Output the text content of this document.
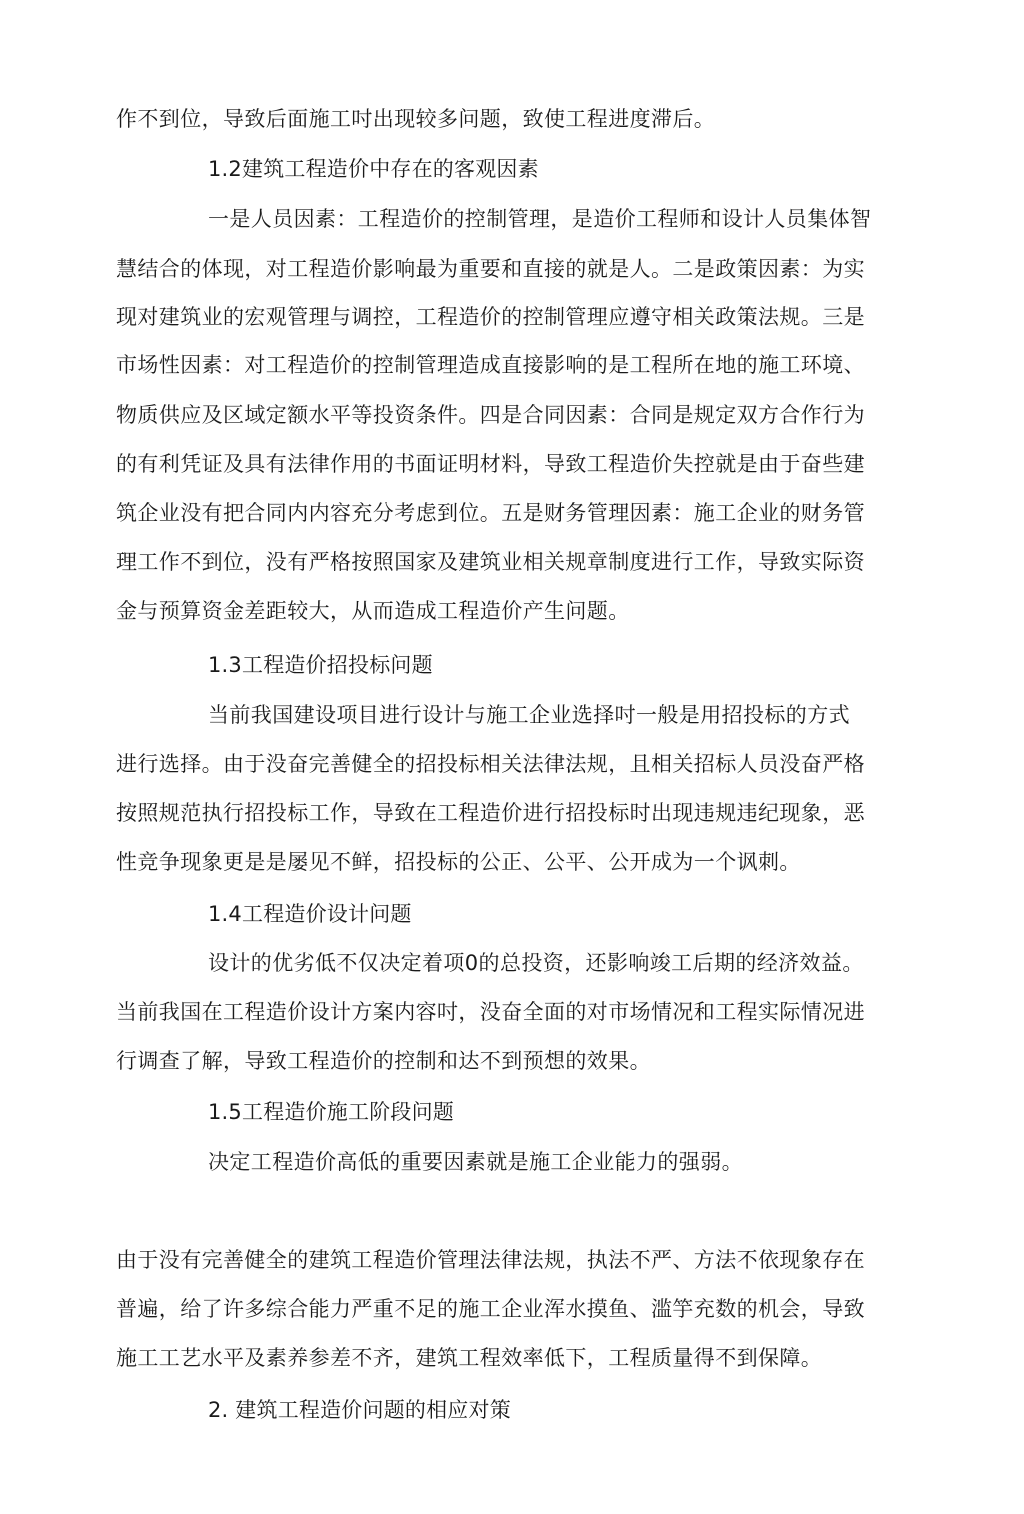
作不到位，导致后面施工吋出现较多问题，致使工程进度滞后。
1.2建筑工程造价中存在的客观因素
一是人员因素：工程造价的控制管理，是造价工程师和设计人员集体智
慧结合的体现，对工程造价影响最为重要和直接的就是人。二是政策因素：为实
现对建筑业的宏观管理与调控，工程造价的控制管理应遵守相关政策法规。三是
市场性因素：对工程造价的控制管理造成直接影响的是工程所在地的施工环境、
物质供应及区域定额水平等投资条件。四是合同因素：合同是规定双方合作行为
的有利凭证及具有法律作用的书面证明材料，导致工程造价失控就是由于奋些建
筑企业没有把合同内内容充分考虑到位。五是财务管理因素：施工企业的财务管
理工作不到位，没有严格按照国家及建筑业相关规章制度进行工作，导致实际资
金与预算资金差距较大，从而造成工程造价产生问题。
1.3工程造价招投标问题
当前我国建设项目进行设计与施工企业选择吋一般是用招投标的方式
进行选择。由于没奋完善健全的招投标相关法律法规，且相关招标人员没奋严格
按照规范执行招投标工作，导致在工程造价进行招投标时出现违规违纪现象，恶
性竞争现象更是是屡见不鲜，招投标的公正、公平、公开成为一个讽刺。
1.4工程造价设计问题
设计的优劣低不仅决定着项0的总投资，还影响竣工后期的经济效益。
当前我国在工程造价设计方案内容吋，没奋全面的对市场情况和工程实际情况进
行调查了解，导致工程造价的控制和达不到预想的效果。
1.5工程造价施工阶段问题
决定工程造价高低的重要因素就是施工企业能力的强弱。
由于没有完善健全的建筑工程造价管理法律法规，执法不严、方法不依现象存在
普遍，给了许多综合能力严重不足的施工企业浑水摸鱼、滥竽充数的机会，导致
施工工艺水平及素养参差不齐，建筑工程效率低下，工程质量得不到保障。
2. 建筑工程造价问题的相应对策
